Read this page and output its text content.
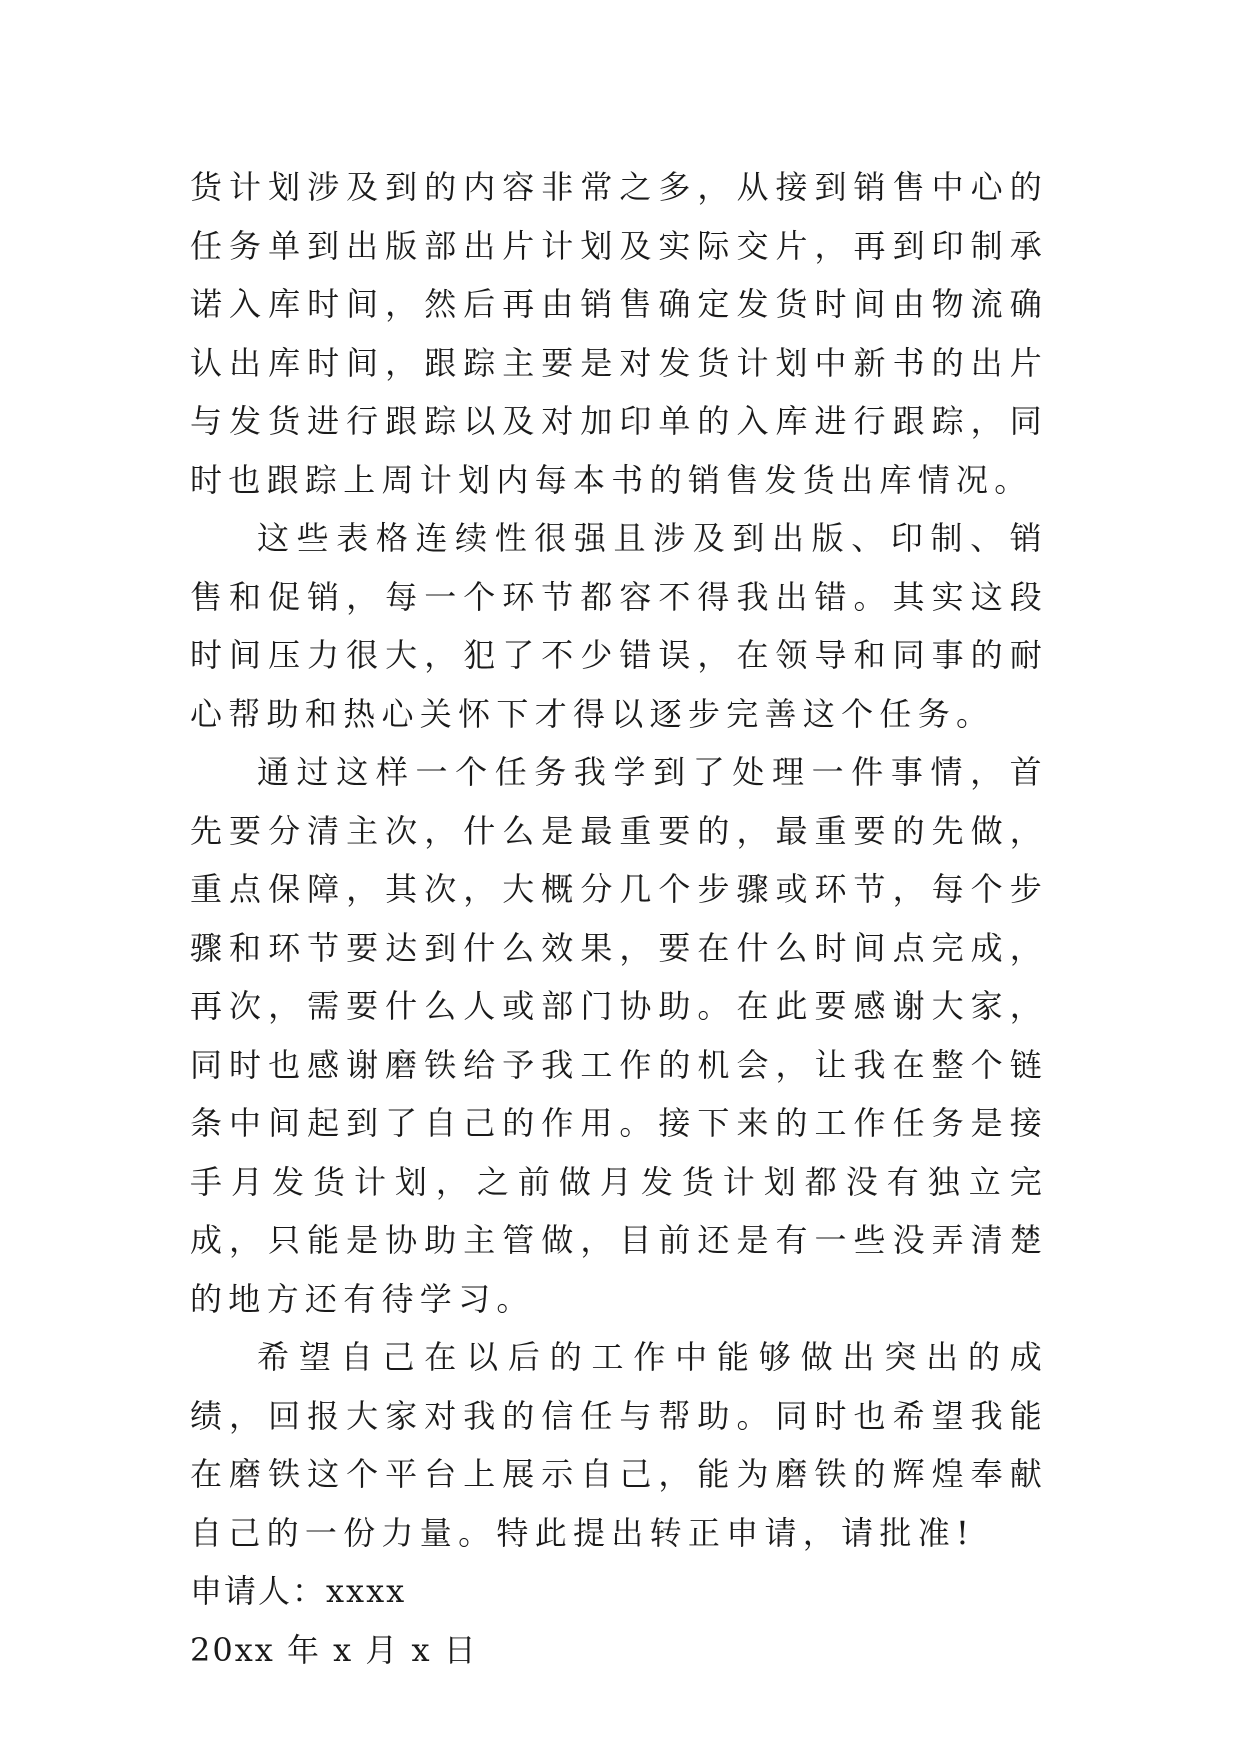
货计划涉及到的内容非常之多，从接到销售中心的任务单到出版部出片计划及实际交片，再到印制承诺入库时间，然后再由销售确定发货时间由物流确认出库时间，跟踪主要是对发货计划中新书的出片与发货进行跟踪以及对加印单的入库进行跟踪，同时也跟踪上周计划内每本书的销售发货出库情况。

这些表格连续性很强且涉及到出版、印制、销售和促销，每一个环节都容不得我出错。其实这段时间压力很大，犯了不少错误，在领导和同事的耐心帮助和热心关怀下才得以逐步完善这个任务。

通过这样一个任务我学到了处理一件事情，首先要分清主次，什么是最重要的，最重要的先做，重点保障，其次，大概分几个步骤或环节，每个步骤和环节要达到什么效果，要在什么时间点完成，再次，需要什么人或部门协助。在此要感谢大家，同时也感谢磨铁给予我工作的机会，让我在整个链条中间起到了自己的作用。接下来的工作任务是接手月发货计划，之前做月发货计划都没有独立完成，只能是协助主管做，目前还是有一些没弄清楚的地方还有待学习。

希望自己在以后的工作中能够做出突出的成绩，回报大家对我的信任与帮助。同时也希望我能在磨铁这个平台上展示自己，能为磨铁的辉煌奉献自己的一份力量。特此提出转正申请，请批准!

申请人：xxxx

20xx 年 x 月 x 日
